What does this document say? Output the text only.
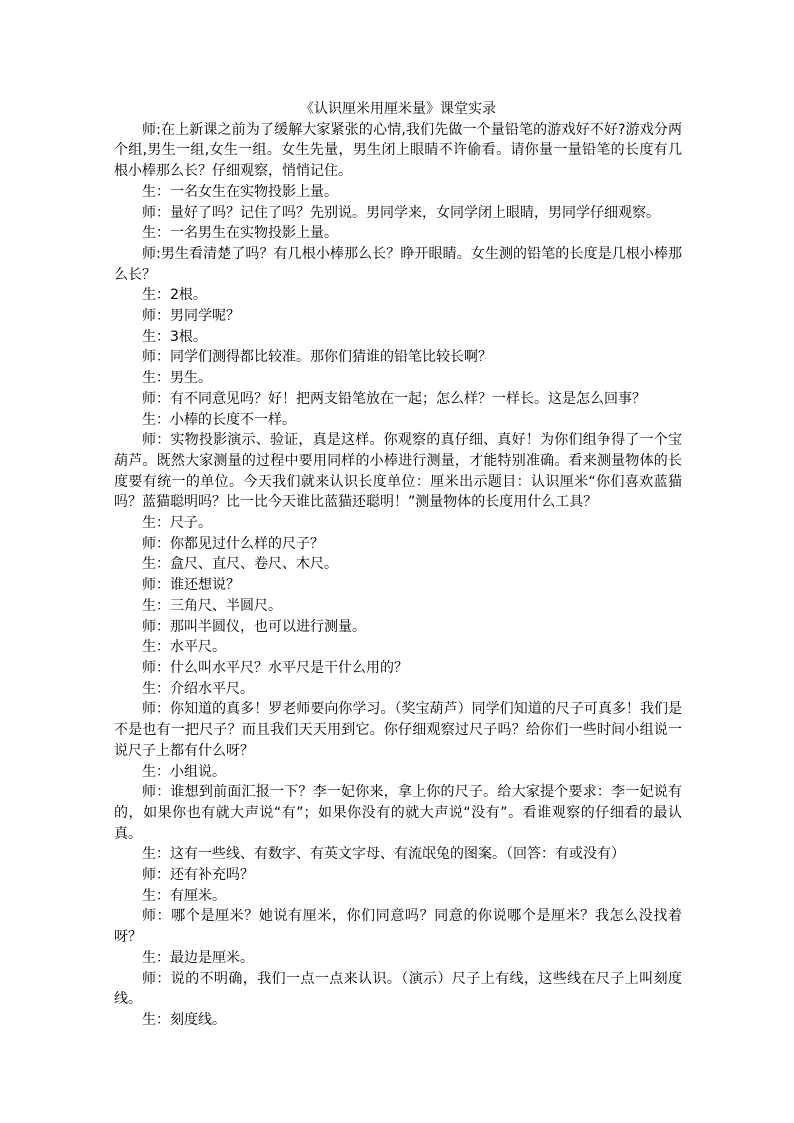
《认识厘米用厘米量》课堂实录

师:在上新课之前为了缓解大家紧张的心情,我们先做一个量铅笔的游戏好不好?游戏分两个组,男生一组,女生一组。女生先量，男生闭上眼睛不许偷看。请你量一量铅笔的长度有几根小棒那么长？仔细观察，悄悄记住。

生：一名女生在实物投影上量。

师：量好了吗？记住了吗？先别说。男同学来，女同学闭上眼睛，男同学仔细观察。

生：一名男生在实物投影上量。

师:男生看清楚了吗？有几根小棒那么长？睁开眼睛。女生测的铅笔的长度是几根小棒那么长？

生：2根。

师：男同学呢？

生：3根。

师：同学们测得都比较准。那你们猜谁的铅笔比较长啊？

生：男生。

师：有不同意见吗？好！把两支铅笔放在一起；怎么样？一样长。这是怎么回事？

生：小棒的长度不一样。

师：实物投影演示、验证，真是这样。你观察的真仔细、真好！为你们组争得了一个宝葫芦。既然大家测量的过程中要用同样的小棒进行测量，才能特别准确。看来测量物体的长度要有统一的单位。今天我们就来认识长度单位：厘米出示题目：认识厘米“你们喜欢蓝猫吗？蓝猫聪明吗？比一比今天谁比蓝猫还聪明！”测量物体的长度用什么工具？

生：尺子。

师：你都见过什么样的尺子？

生：盒尺、直尺、卷尺、木尺。

师：谁还想说？

生：三角尺、半圆尺。

师：那叫半圆仪，也可以进行测量。

生：水平尺。

师：什么叫水平尺？水平尺是干什么用的？

生：介绍水平尺。

师：你知道的真多！罗老师要向你学习。（奖宝葫芦）同学们知道的尺子可真多！我们是不是也有一把尺子？而且我们天天用到它。你仔细观察过尺子吗？给你们一些时间小组说一说尺子上都有什么呀？

生：小组说。

师：谁想到前面汇报一下？李一妃你来，拿上你的尺子。给大家提个要求：李一妃说有的，如果你也有就大声说“有”；如果你没有的就大声说“没有”。看谁观察的仔细看的最认真。

生：这有一些线、有数字、有英文字母、有流氓兔的图案。（回答：有或没有）

师：还有补充吗？

生：有厘米。

师：哪个是厘米？她说有厘米，你们同意吗？同意的你说哪个是厘米？我怎么没找着呀？

生：最边是厘米。

师：说的不明确，我们一点一点来认识。（演示）尺子上有线，这些线在尺子上叫刻度线。

生：刻度线。
